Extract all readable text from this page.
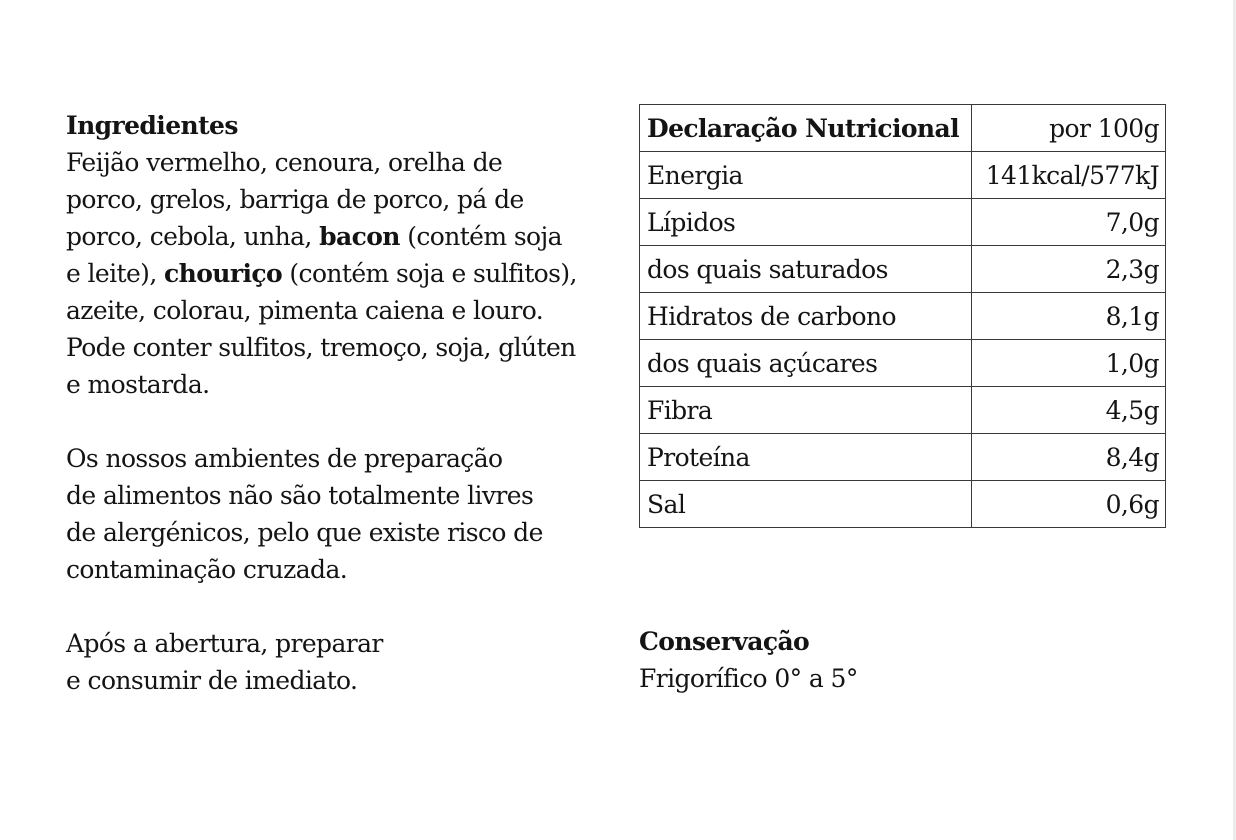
Ingredientes

Feijão vermelho, cenoura, orelha de

porco, grelos, barriga de porco, pá de

porco, cebola, unha, bacon (contém soja

e leite), chouriço (contém soja e sulfitos),

azeite, colorau, pimenta caiena e louro.

Pode conter sulfitos, tremoço, soja, glúten

e mostarda.

Os nossos ambientes de preparação

de alimentos não são totalmente livres

de alergénicos, pelo que existe risco de

contaminação cruzada.

Após a abertura, preparar

e consumir de imediato.

Declaração Nutricional	por 100g
Energia	141kcal/577kJ
Lípidos	7,0g
dos quais saturados	2,3g
Hidratos de carbono	8,1g
dos quais açúcares	1,0g
Fibra	4,5g
Proteína	8,4g
Sal	0,6g

Conservação

Frigorífico 0° a 5°
